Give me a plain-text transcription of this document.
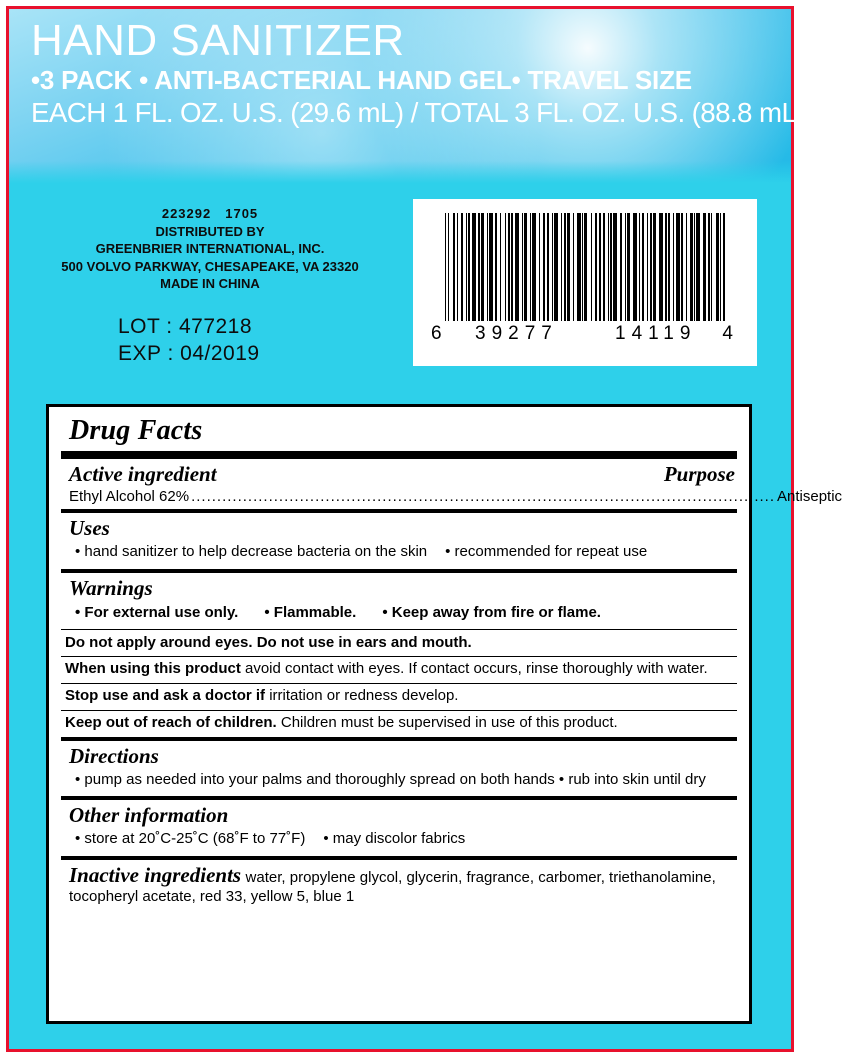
HAND SANITIZER
•3 PACK • ANTI-BACTERIAL HAND GEL• TRAVEL SIZE
EACH 1 FL. OZ. U.S. (29.6 mL) / TOTAL 3 FL. OZ. U.S. (88.8 mL)
223292 1705
DISTRIBUTED BY
GREENBRIER INTERNATIONAL, INC.
500 VOLVO PARKWAY, CHESAPEAKE, VA 23320
MADE IN CHINA
LOT : 477218
EXP : 04/2019
6 39277	14119 4
Drug Facts
Active ingredient	Purpose
Ethyl Alcohol 62% ................................................................................................................. Antiseptic
Uses
• hand sanitizer to help decrease bacteria on the skin • recommended for repeat use
Warnings
• For external use only. • Flammable. • Keep away from fire or flame.
Do not apply around eyes. Do not use in ears and mouth.
When using this product avoid contact with eyes. If contact occurs, rinse thoroughly with water.
Stop use and ask a doctor if irritation or redness develop.
Keep out of reach of children. Children must be supervised in use of this product.
Directions
• pump as needed into your palms and thoroughly spread on both hands • rub into skin until dry
Other information
• store at 20˚C-25˚C (68˚F to 77˚F) • may discolor fabrics
Inactive ingredients water, propylene glycol, glycerin, fragrance, carbomer, triethanolamine, tocopheryl acetate, red 33, yellow 5, blue 1
